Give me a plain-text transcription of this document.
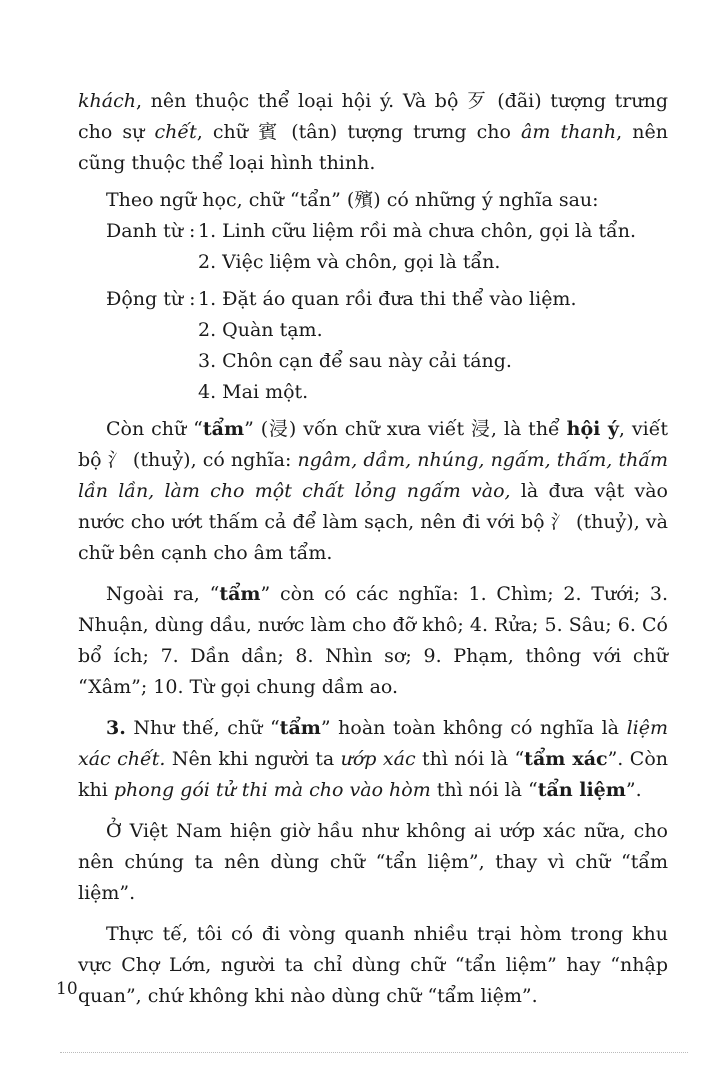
khách, nên thuộc thể loại hội ý. Và bộ 歹 (đãi) tượng trưng cho sự chết, chữ 賓 (tân) tượng trưng cho âm thanh, nên cũng thuộc thể loại hình thinh.

Theo ngữ học, chữ “tẩn” (殯) có những ý nghĩa sau:

Danh từ : 1. Linh cữu liệm rồi mà chưa chôn, gọi là tẩn.
2. Việc liệm và chôn, gọi là tẩn.
Động từ : 1. Đặt áo quan rồi đưa thi thể vào liệm.
2. Quàn tạm.
3. Chôn cạn để sau này cải táng.
4. Mai một.

Còn chữ “tẩm” (浸) vốn chữ xưa viết 浸, là thể hội ý, viết bộ 氵 (thuỷ), có nghĩa: ngâm, dầm, nhúng, ngấm, thấm, thấm lần lần, làm cho một chất lỏng ngấm vào, là đưa vật vào nước cho ướt thấm cả để làm sạch, nên đi với bộ 氵 (thuỷ), và chữ bên cạnh cho âm tẩm.

Ngoài ra, “tẩm” còn có các nghĩa: 1. Chìm; 2. Tưới; 3. Nhuận, dùng dầu, nước làm cho đỡ khô; 4. Rửa; 5. Sâu; 6. Có bổ ích; 7. Dần dần; 8. Nhìn sơ; 9. Phạm, thông với chữ “Xâm”; 10. Từ gọi chung dầm ao.

3. Như thế, chữ “tẩm” hoàn toàn không có nghĩa là liệm xác chết. Nên khi người ta ướp xác thì nói là “tẩm xác”. Còn khi phong gói tử thi mà cho vào hòm thì nói là “tẩn liệm”.

Ở Việt Nam hiện giờ hầu như không ai ướp xác nữa, cho nên chúng ta nên dùng chữ “tẩn liệm”, thay vì chữ “tẩm liệm”.

Thực tế, tôi có đi vòng quanh nhiều trại hòm trong khu vực Chợ Lớn, người ta chỉ dùng chữ “tẩn liệm” hay “nhập quan”, chứ không khi nào dùng chữ “tẩm liệm”.

10
